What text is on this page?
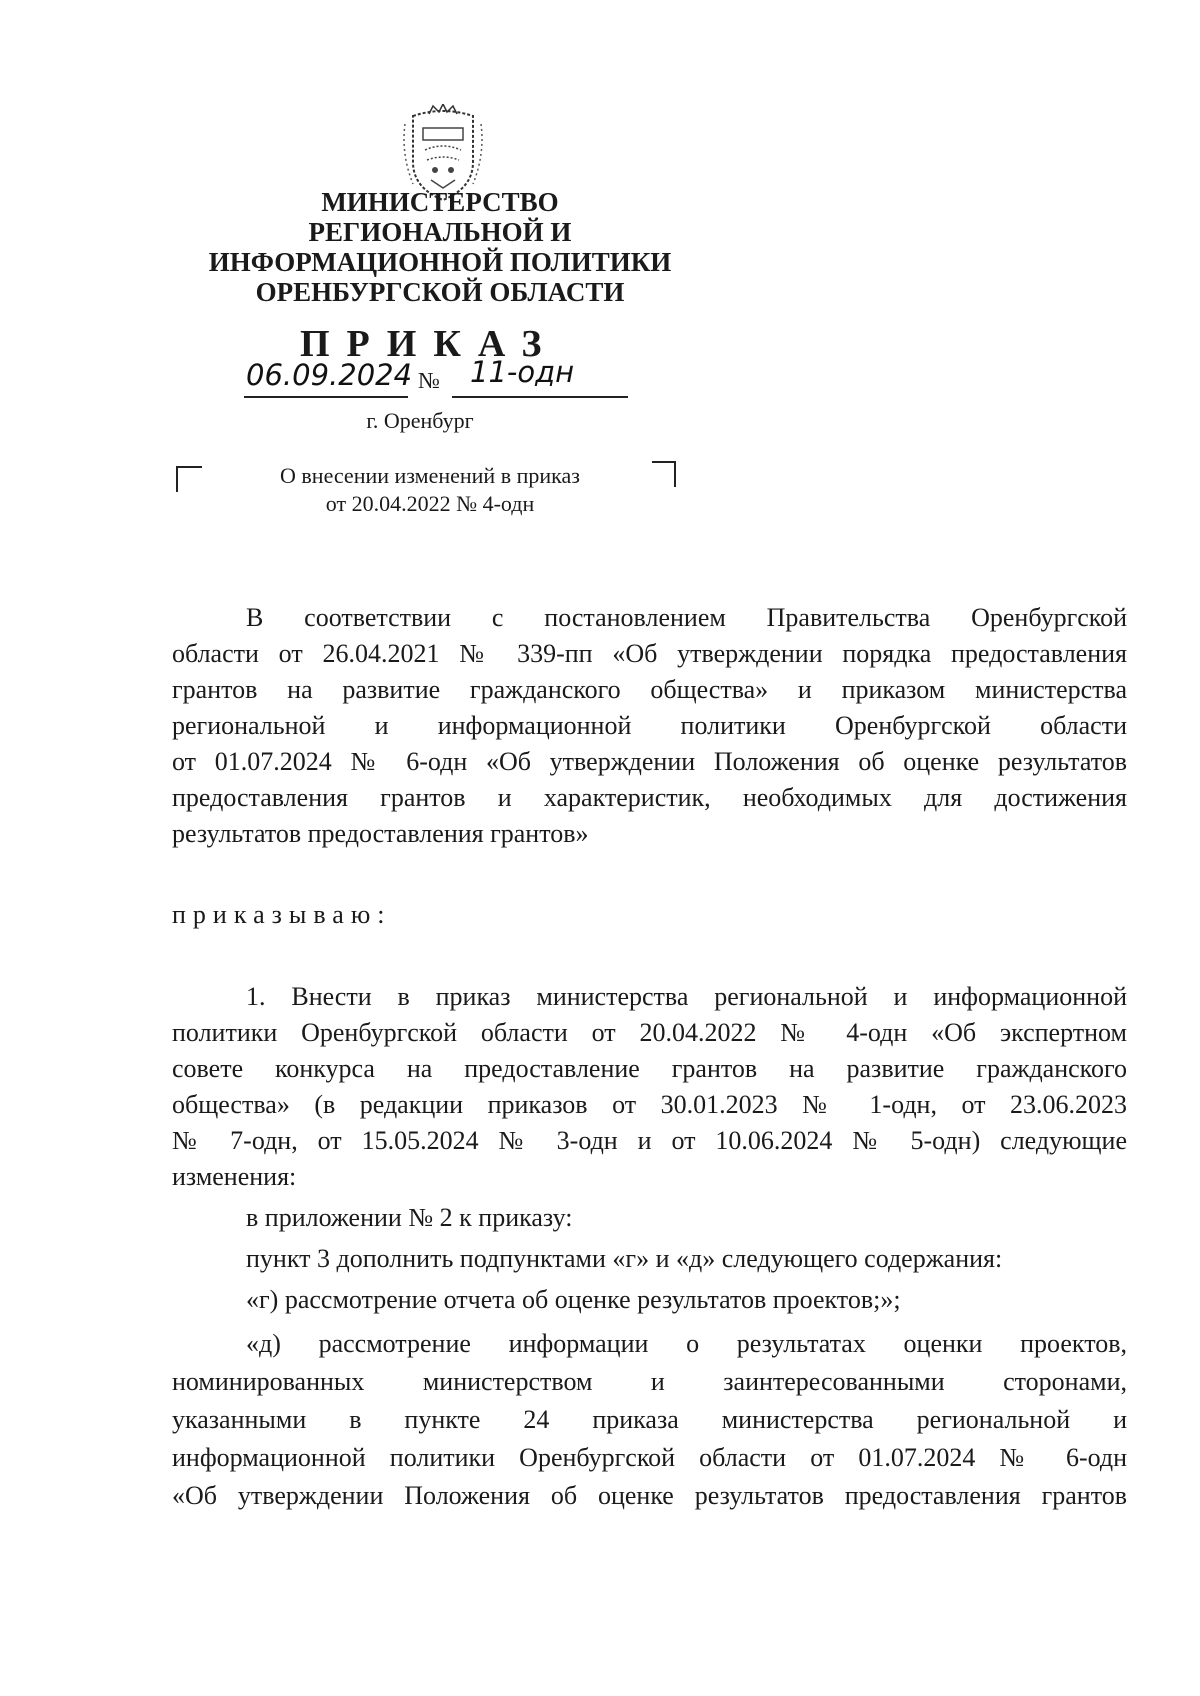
МИНИСТЕРСТВО
РЕГИОНАЛЬНОЙ И
ИНФОРМАЦИОННОЙ ПОЛИТИКИ
ОРЕНБУРГСКОЙ ОБЛАСТИ
ПРИКАЗ
06.09.2024 № 11-одн
г. Оренбург
О внесении изменений в приказ
от 20.04.2022 № 4-одн
В соответствии с постановлением Правительства Оренбургской
области от 26.04.2021 № 339-пп «Об утверждении порядка предоставления
грантов на развитие гражданского общества» и приказом министерства
региональной и информационной политики Оренбургской области
от 01.07.2024 № 6-одн «Об утверждении Положения об оценке результатов
предоставления грантов и характеристик, необходимых для достижения
результатов предоставления грантов»
приказываю:
1. Внести в приказ министерства региональной и информационной
политики Оренбургской области от 20.04.2022 № 4-одн «Об экспертном
совете конкурса на предоставление грантов на развитие гражданского
общества» (в редакции приказов от 30.01.2023 № 1-одн, от 23.06.2023
№ 7-одн, от 15.05.2024 № 3-одн и от 10.06.2024 № 5-одн) следующие
изменения:
в приложении № 2 к приказу:
пункт 3 дополнить подпунктами «г» и «д» следующего содержания:
«г) рассмотрение отчета об оценке результатов проектов;»;
«д) рассмотрение информации о результатах оценки проектов,
номинированных министерством и заинтересованными сторонами,
указанными в пункте 24 приказа министерства региональной и
информационной политики Оренбургской области от 01.07.2024 № 6-одн
«Об утверждении Положения об оценке результатов предоставления грантов
